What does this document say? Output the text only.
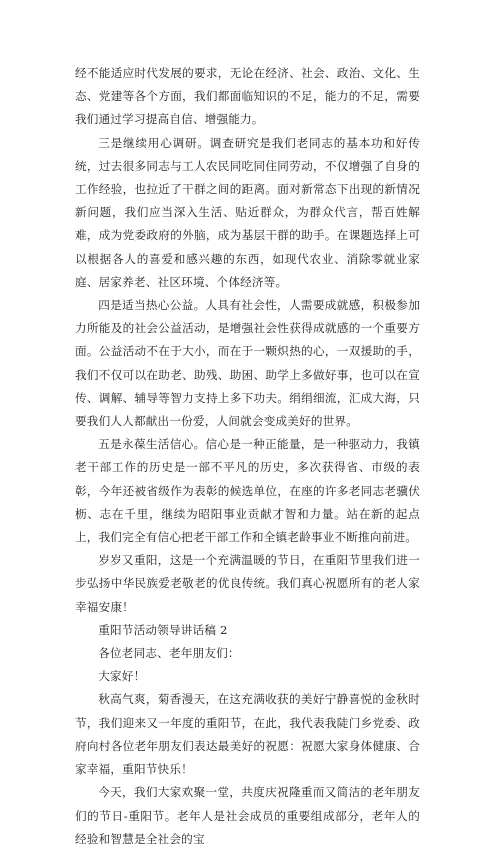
经不能适应时代发展的要求，无论在经济、社会、政治、文化、生态、党建等各个方面，我们都面临知识的不足，能力的不足，需要我们通过学习提高自信、增强能力。

三是继续用心调研。调查研究是我们老同志的基本功和好传统，过去很多同志与工人农民同吃同住同劳动，不仅增强了自身的工作经验，也拉近了干群之间的距离。面对新常态下出现的新情况新问题，我们应当深入生活、贴近群众，为群众代言，帮百姓解难，成为党委政府的外脑，成为基层干群的助手。在课题选择上可以根据各人的喜爱和感兴趣的东西，如现代农业、消除零就业家庭、居家养老、社区环境、个体经济等。

四是适当热心公益。人具有社会性，人需要成就感，积极参加力所能及的社会公益活动，是增强社会性获得成就感的一个重要方面。公益活动不在于大小，而在于一颗炽热的心，一双援助的手，我们不仅可以在助老、助残、助困、助学上多做好事，也可以在宣传、调解、辅导等智力支持上多下功夫。绢绢细流，汇成大海，只要我们人人都献出一份爱，人间就会变成美好的世界。

五是永葆生活信心。信心是一种正能量，是一种驱动力，我镇老干部工作的历史是一部不平凡的历史，多次获得省、市级的表彰，今年还被省级作为表彰的候选单位，在座的许多老同志老骥伏枥、志在千里，继续为昭阳事业贡献才智和力量。站在新的起点上，我们完全有信心把老干部工作和全镇老龄事业不断推向前进。

岁岁又重阳，这是一个充满温暖的节日，在重阳节里我们进一步弘扬中华民族爱老敬老的优良传统。我们真心祝愿所有的老人家幸福安康！

重阳节活动领导讲话稿 2

各位老同志、老年朋友们：

大家好！

秋高气爽，菊香漫天，在这充满收获的美好宁静喜悦的金秋时节，我们迎来又一年度的重阳节，在此，我代表我陡门乡党委、政府向村各位老年朋友们表达最美好的祝愿：祝愿大家身体健康、合家幸福，重阳节快乐！

今天，我们大家欢聚一堂，共度庆祝隆重而又简洁的老年朋友们的节日-重阳节。老年人是社会成员的重要组成部分，老年人的经验和智慧是全社会的宝
